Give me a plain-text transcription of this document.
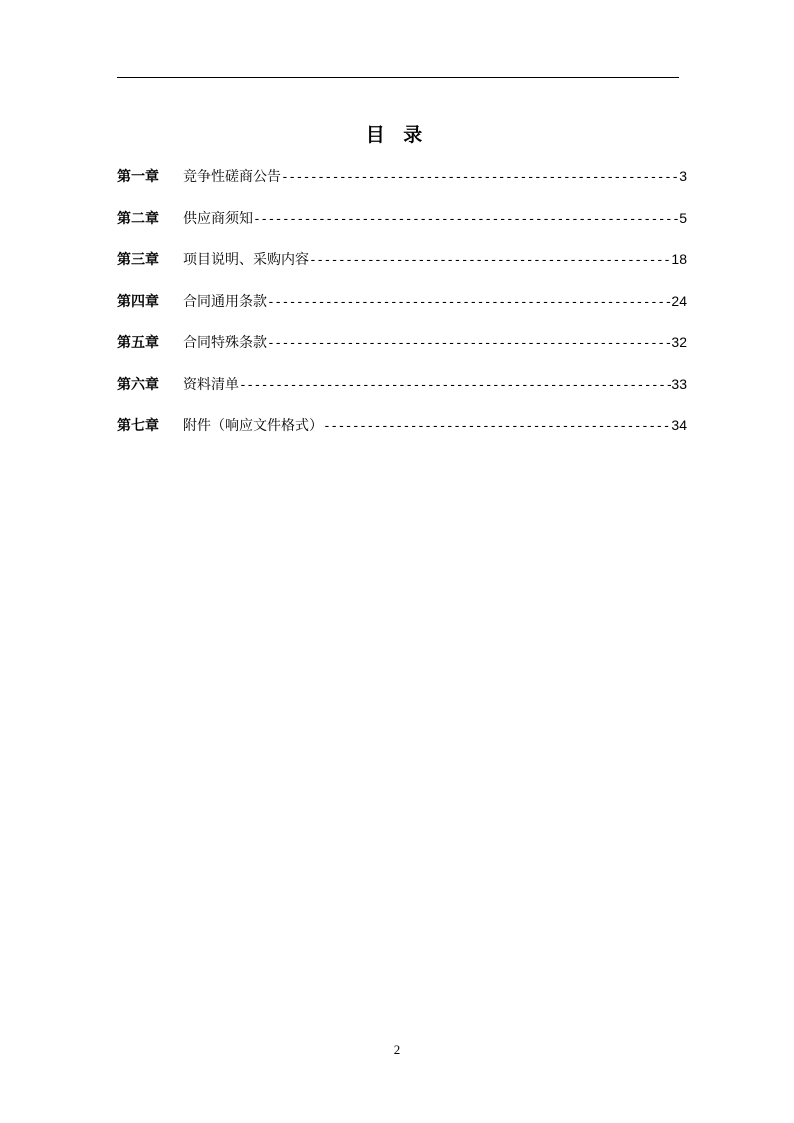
目 录
第一章	竞争性磋商公告 -----	3
第二章	供应商须知 -----	5
第三章	项目说明、采购内容 -----	18
第四章	合同通用条款 -----	24
第五章	合同特殊条款 -----	32
第六章	资料清单 -----	33
第七章	附件（响应文件格式） -----	34
2
